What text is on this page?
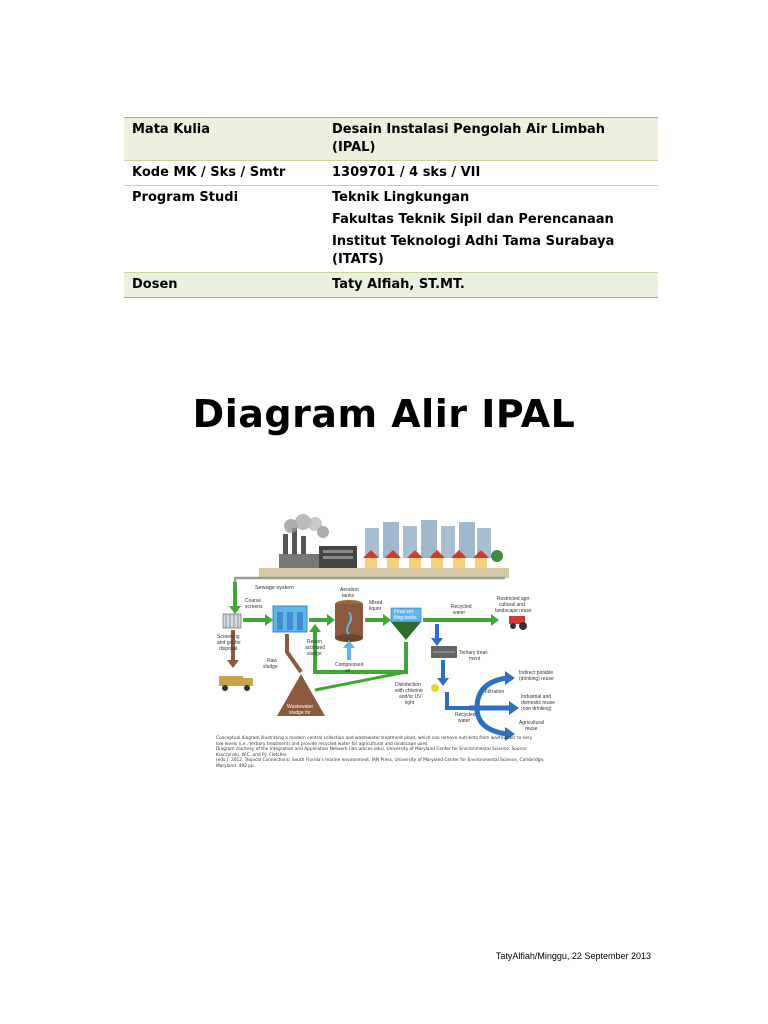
Mata Kulia	Desain Instalasi Pengolah Air Limbah (IPAL)
Kode MK / Sks / Smtr	1309701 / 4 sks / VII
Program Studi	Teknik Lingkungan
Fakultas Teknik Sipil dan Perencanaan
Institut Teknologi Adhi Tama Surabaya (ITATS)

Dosen	Taty Alfiah, ST.MT.
Diagram Alir IPAL
Sewage system
Coarse screens
Aeration tanks
Mixed liquor	Final set-tling tanks
Recycled water
Restricted agri-cultural and landscape reuse
Screening and grit for disposal
Raw sludge
Return activated sludge
Compressed air
Wastewater sludge for processing
Tertiary treat-ment
Disinfection with chlorine and/or UV light
Recycled water
Filtration
Indirect potable (drinking) reuse
Industrial and domestic reuse (non drinking)
Agricultural reuse
Conceptual diagram illustrating a modern central collection and wastewater treatment plant, which can remove nutrients from wastewater to very
low levels (i.e., tertiary treatment) and provide recycled water for agricultural and landscape uses.
Diagram courtesy of the Integration and Application Network (ian.umces.edu), University of Maryland Center for Environmental Science. Source: Kroczynski, W.C. and P.J. Fletcher
(eds.). 2012. Tropical Connections: South Florida's marine environment. IAN Press, University of Maryland Center for Environmental Science, Cambridge, Maryland. 492 pp.
TatyAlfiah/Minggu, 22 September 2013
